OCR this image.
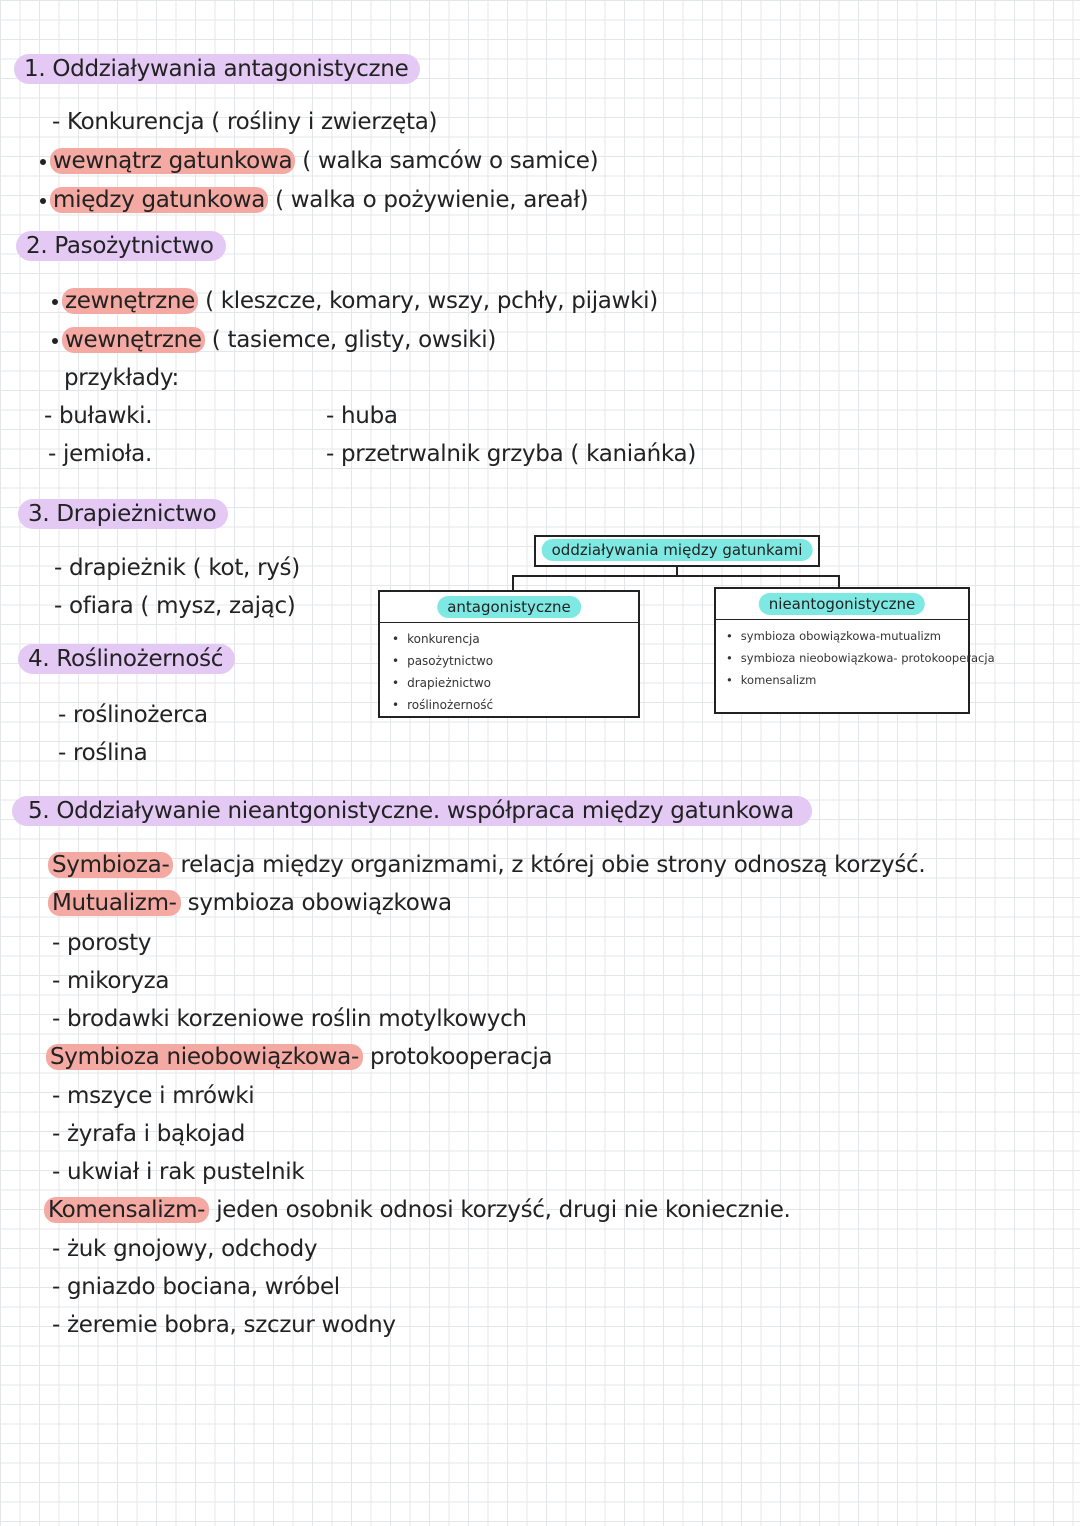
1. Oddziaływania antagonistyczne
- Konkurencja ( rośliny i zwierzęta)
wewnątrz gatunkowa ( walka samców o samice)
między gatunkowa ( walka o pożywienie, areał)
2. Pasożytnictwo
zewnętrzne ( kleszcze, komary, wszy, pchły, pijawki)
wewnętrzne ( tasiemce, glisty, owsiki)
przykłady:
- buławki.
- jemioła.
- huba
- przetrwalnik grzyba ( kaniańka)
3. Drapieżnictwo
- drapieżnik ( kot, ryś)
- ofiara ( mysz, zając)
4. Roślinożerność
- roślinożerca
- roślina
oddziaływania między gatunkami
antagonistyczne
• konkurencja
• pasożytnictwo
• drapieżnictwo
• roślinożerność
nieantogonistyczne
• symbioza obowiązkowa-mutualizm
• symbioza nieobowiązkowa- protokooperacja
• komensalizm
5. Oddziaływanie nieantgonistyczne. współpraca między gatunkowa
Symbioza- relacja między organizmami, z której obie strony odnoszą korzyść.
Mutualizm- symbioza obowiązkowa
- porosty
- mikoryza
- brodawki korzeniowe roślin motylkowych
Symbioza nieobowiązkowa- protokooperacja
- mszyce i mrówki
- żyrafa i bąkojad
- ukwiał i rak pustelnik
Komensalizm- jeden osobnik odnosi korzyść, drugi nie koniecznie.
- żuk gnojowy, odchody
- gniazdo bociana, wróbel
- żeremie bobra, szczur wodny
